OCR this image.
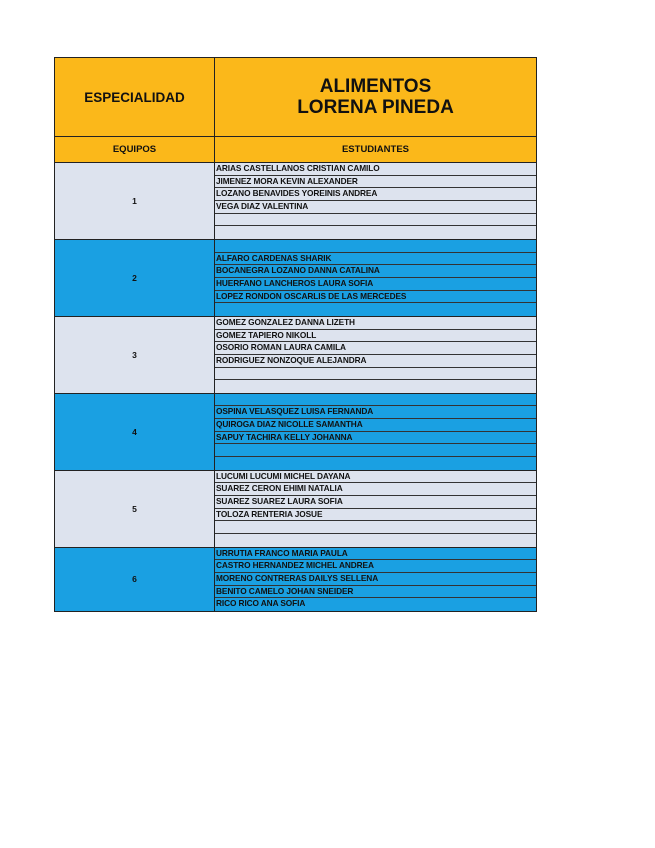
ESPECIALIDAD	ALIMENTOS
LORENA PINEDA
EQUIPOS	ESTUDIANTES
1
ARIAS CASTELLANOS CRISTIAN CAMILO
JIMENEZ MORA KEVIN ALEXANDER
LOZANO BENAVIDES YOREINIS ANDREA
VEGA DIAZ VALENTINA
2
ALFARO CARDENAS SHARIK
BOCANEGRA LOZANO DANNA CATALINA
HUERFANO LANCHEROS LAURA SOFIA
LOPEZ RONDON OSCARLIS DE LAS MERCEDES
3
GOMEZ GONZALEZ DANNA LIZETH
GOMEZ TAPIERO NIKOLL
OSORIO ROMAN LAURA CAMILA
RODRIGUEZ NONZOQUE ALEJANDRA
4
OSPINA VELASQUEZ LUISA FERNANDA
QUIROGA DIAZ NICOLLE SAMANTHA
SAPUY TACHIRA KELLY JOHANNA
5
LUCUMI LUCUMI MICHEL DAYANA
SUAREZ CERON EHIMI NATALIA
SUAREZ SUAREZ LAURA SOFIA
TOLOZA RENTERIA JOSUE
6
URRUTIA FRANCO MARIA PAULA
CASTRO HERNANDEZ MICHEL ANDREA
MORENO CONTRERAS DAILYS SELLENA
BENITO CAMELO JOHAN SNEIDER
RICO RICO ANA SOFIA
